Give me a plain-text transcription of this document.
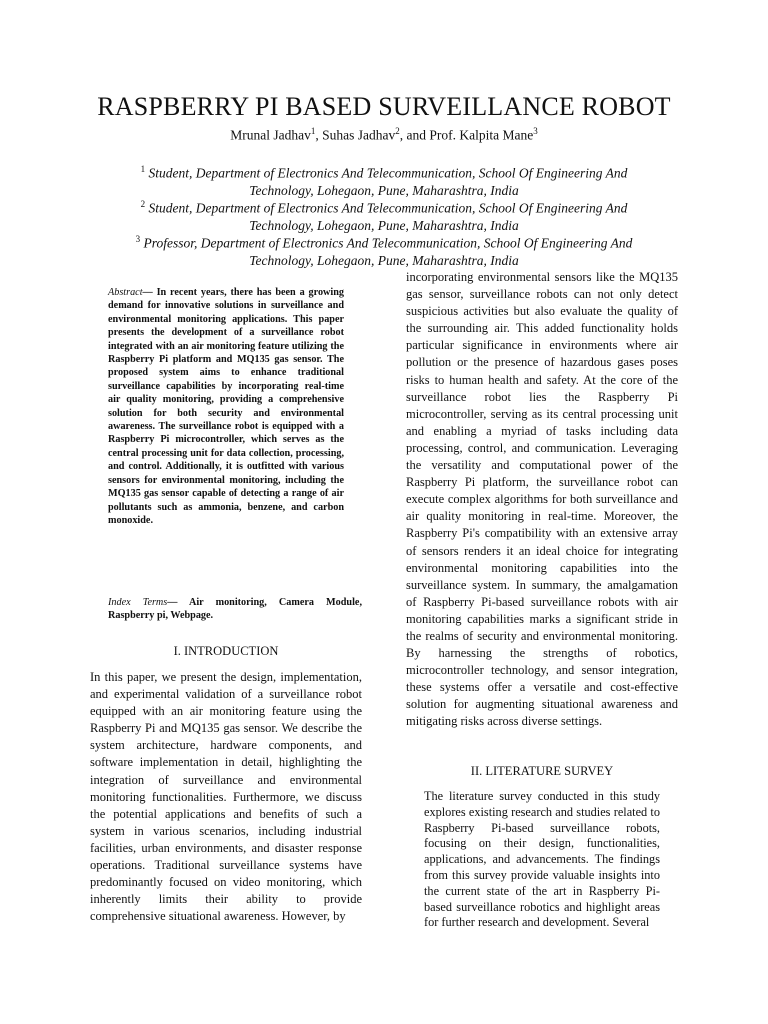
RASPBERRY PI BASED SURVEILLANCE ROBOT
Mrunal Jadhav$^1$, Suhas Jadhav$^2$, and Prof. Kalpita Mane$^3$
$^1$ Student, Department of Electronics And Telecommunication, School Of Engineering And Technology, Lohegaon, Pune, Maharashtra, India
$^2$ Student, Department of Electronics And Telecommunication, School Of Engineering And Technology, Lohegaon, Pune, Maharashtra, India
$^3$ Professor, Department of Electronics And Telecommunication, School Of Engineering And Technology, Lohegaon, Pune, Maharashtra, India
Abstract— In recent years, there has been a growing demand for innovative solutions in surveillance and environmental monitoring applications. This paper presents the development of a surveillance robot integrated with an air monitoring feature utilizing the Raspberry Pi platform and MQ135 gas sensor. The proposed system aims to enhance traditional surveillance capabilities by incorporating real-time air quality monitoring, providing a comprehensive solution for both security and environmental awareness. The surveillance robot is equipped with a Raspberry Pi microcontroller, which serves as the central processing unit for data collection, processing, and control. Additionally, it is outfitted with various sensors for environmental monitoring, including the MQ135 gas sensor capable of detecting a range of air pollutants such as ammonia, benzene, and carbon monoxide.
Index Terms— Air monitoring, Camera Module, Raspberry pi, Webpage.
I. INTRODUCTION
In this paper, we present the design, implementation, and experimental validation of a surveillance robot equipped with an air monitoring feature using the Raspberry Pi and MQ135 gas sensor. We describe the system architecture, hardware components, and software implementation in detail, highlighting the integration of surveillance and environmental monitoring functionalities. Furthermore, we discuss the potential applications and benefits of such a system in various scenarios, including industrial facilities, urban environments, and disaster response operations. Traditional surveillance systems have predominantly focused on video monitoring, which inherently limits their ability to provide comprehensive situational awareness. However, by
incorporating environmental sensors like the MQ135 gas sensor, surveillance robots can not only detect suspicious activities but also evaluate the quality of the surrounding air. This added functionality holds particular significance in environments where air pollution or the presence of hazardous gases poses risks to human health and safety. At the core of the surveillance robot lies the Raspberry Pi microcontroller, serving as its central processing unit and enabling a myriad of tasks including data processing, control, and communication. Leveraging the versatility and computational power of the Raspberry Pi platform, the surveillance robot can execute complex algorithms for both surveillance and air quality monitoring in real-time. Moreover, the Raspberry Pi's compatibility with an extensive array of sensors renders it an ideal choice for integrating environmental monitoring capabilities into the surveillance system. In summary, the amalgamation of Raspberry Pi-based surveillance robots with air monitoring capabilities marks a significant stride in the realms of security and environmental monitoring. By harnessing the strengths of robotics, microcontroller technology, and sensor integration, these systems offer a versatile and cost-effective solution for augmenting situational awareness and mitigating risks across diverse settings.
II. LITERATURE SURVEY
The literature survey conducted in this study explores existing research and studies related to Raspberry Pi-based surveillance robots, focusing on their design, functionalities, applications, and advancements. The findings from this survey provide valuable insights into the current state of the art in Raspberry Pi-based surveillance robotics and highlight areas for further research and development. Several
